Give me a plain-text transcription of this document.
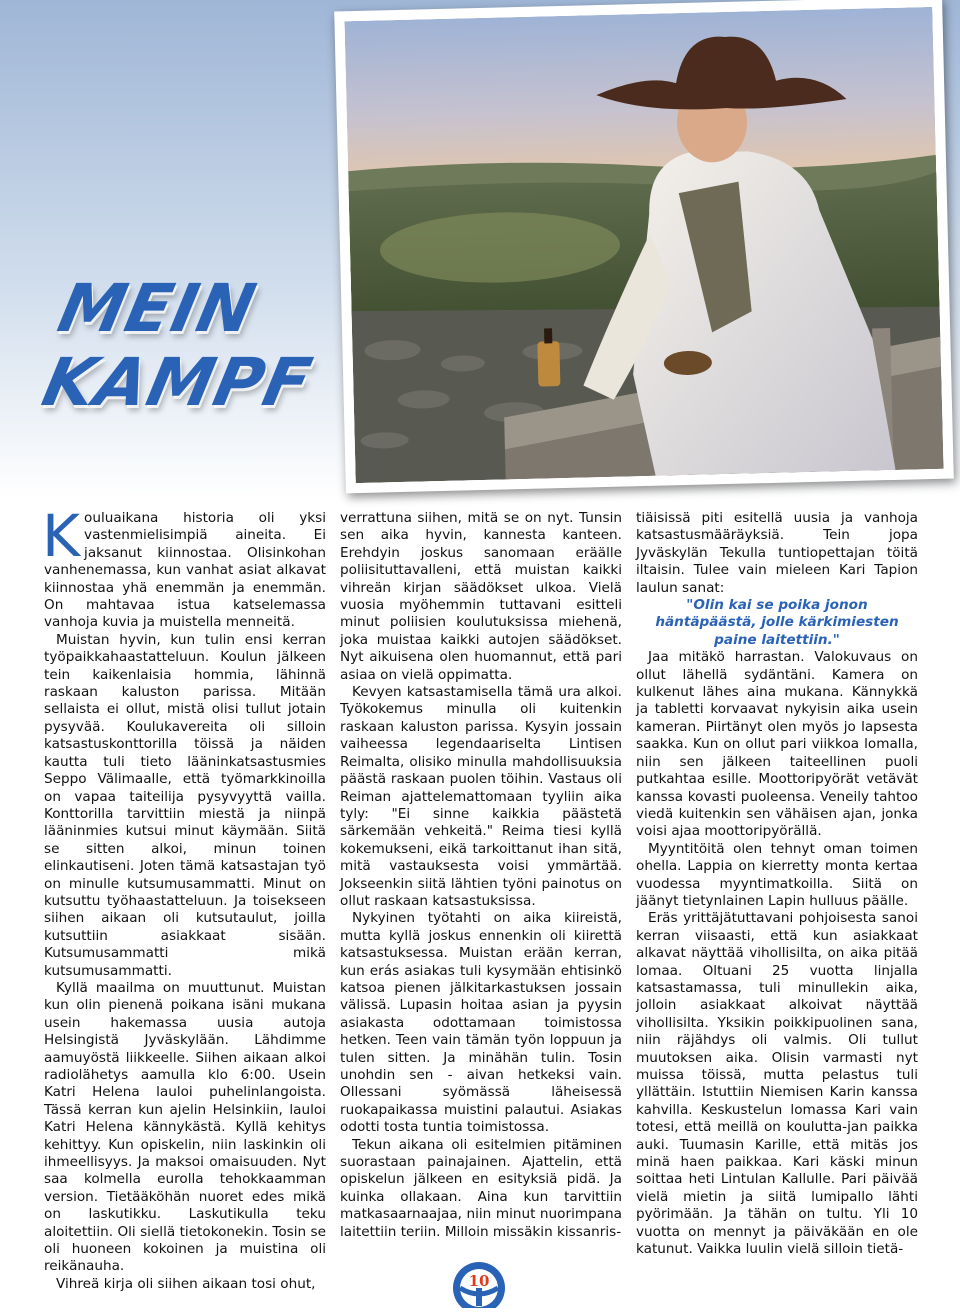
MEIN
KAMPF

Kouluaikana historia oli yksi vastenmielisimpiä aineita. Ei jaksanut kiinnostaa. Olisinkohan vanhenemassa, kun vanhat asiat alkavat kiinnostaa yhä enemmän ja enemmän. On mahtavaa istua katselemassa vanhoja kuvia ja muistella menneitä.

Muistan hyvin, kun tulin ensi kerran työpaikkahaastatteluun. Koulun jälkeen tein kaikenlaisia hommia, lähinnä raskaan kaluston parissa. Mitään sellaista ei ollut, mistä olisi tullut jotain pysyvää. Koulukavereita oli silloin katsastuskonttorilla töissä ja näiden kautta tuli tieto lääninkatsastusmies Seppo Välimaalle, että työmarkkinoilla on vapaa taiteilija pysyvyyttä vailla. Konttorilla tarvittiin miestä ja niinpä lääninmies kutsui minut käymään. Siitä se sitten alkoi, minun toinen elinkautiseni. Joten tämä katsastajan työ on minulle kutsumusammatti. Minut on kutsuttu työhaastatteluun. Ja toisekseen siihen aikaan oli kutsutaulut, joilla kutsuttiin asiakkaat sisään. Kutsumusammatti mikä kutsumusammatti.

Kyllä maailma on muuttunut. Muistan kun olin pienenä poikana isäni mukana usein hakemassa uusia autoja Helsingistä Jyväskylään. Lähdimme aamuyöstä liikkeelle. Siihen aikaan alkoi radiolähetys aamulla klo 6:00. Usein Katri Helena lauloi puhelinlangoista. Tässä kerran kun ajelin Helsinkiin, lauloi Katri Helena kännykästä. Kyllä kehitys kehittyy. Kun opiskelin, niin laskinkin oli ihmeellisyys. Ja maksoi omaisuuden. Nyt saa kolmella eurolla tehokkaamman version. Tietääköhän nuoret edes mikä on laskutikku. Laskutikulla teku aloitettiin. Oli siellä tietokonekin. Tosin se oli huoneen kokoinen ja muistina oli reikänauha.

Vihreä kirja oli siihen aikaan tosi ohut,

verrattuna siihen, mitä se on nyt. Tunsin sen aika hyvin, kannesta kanteen. Erehdyin joskus sanomaan eräälle poliisituttavalleni, että muistan kaikki vihreän kirjan säädökset ulkoa. Vielä vuosia myöhemmin tuttavani esitteli minut poliisien koulutuksissa miehenä, joka muistaa kaikki autojen säädökset. Nyt aikuisena olen huomannut, että pari asiaa on vielä oppimatta.

Kevyen katsastamisella tämä ura alkoi. Työkokemus minulla oli kuitenkin raskaan kaluston parissa. Kysyin jossain vaiheessa legendaariselta Lintisen Reimalta, olisiko minulla mahdollisuuksia päästä raskaan puolen töihin. Vastaus oli Reiman ajattelemattomaan tyyliin aika tyly: "Ei sinne kaikkia päästetä särkemään vehkeitä." Reima tiesi kyllä kokemukseni, eikä tarkoittanut ihan sitä, mitä vastauksesta voisi ymmärtää. Jokseenkin siitä lähtien työni painotus on ollut raskaan katsastuksissa.

Nykyinen työtahti on aika kiireistä, mutta kyllä joskus ennenkin oli kiirettä katsastuksessa. Muistan erään kerran, kun erás asiakas tuli kysymään ehtisinkö katsoa pienen jälkitarkastuksen jossain välissä. Lupasin hoitaa asian ja pyysin asiakasta odottamaan toimistossa hetken. Teen vain tämän työn loppuun ja tulen sitten. Ja minähän tulin. Tosin unohdin sen - aivan hetkeksi vain. Ollessani syömässä läheisessä ruokapaikassa muistini palautui. Asiakas odotti tosta tuntia toimistossa.

Tekun aikana oli esitelmien pitäminen suorastaan painajainen. Ajattelin, että opiskelun jälkeen en esityksiä pidä. Ja kuinka ollakaan. Aina kun tarvittiin matkasaarnaajaa, niin minut nuorimpana laitettiin teriin. Milloin missäkin kissanris-

tiäisissä piti esitellä uusia ja vanhoja katsastusmääräyksiä. Tein jopa Jyväskylän Tekulla tuntiopettajan töitä iltaisin. Tulee vain mieleen Kari Tapion laulun sanat:

"Olin kai se poika jonon häntäpäästä, jolle kärkimiesten paine laitettiin."

Jaa mitäkö harrastan. Valokuvaus on ollut lähellä sydäntäni. Kamera on kulkenut lähes aina mukana. Kännykkä ja tabletti korvaavat nykyisin aika usein kameran. Piirtänyt olen myös jo lapsesta saakka. Kun on ollut pari viikkoa lomalla, niin sen jälkeen taiteellinen puoli putkahtaa esille. Moottoripyörät vetävät kanssa kovasti puoleensa. Veneily tahtoo viedä kuitenkin sen vähäisen ajan, jonka voisi ajaa moottoripyörällä.

Myyntitöitä olen tehnyt oman toimen ohella. Lappia on kierretty monta kertaa vuodessa myyntimatkoilla. Siitä on jäänyt tietynlainen Lapin hulluus päälle.

Eräs yrittäjätuttavani pohjoisesta sanoi kerran viisaasti, että kun asiakkaat alkavat näyttää vihollisilta, on aika pitää lomaa. Oltuani 25 vuotta linjalla katsastamassa, tuli minullekin aika, jolloin asiakkaat alkoivat näyttää vihollisilta. Yksikin poikkipuolinen sana, niin räjähdys oli valmis. Oli tullut muutoksen aika. Olisin varmasti nyt muissa töissä, mutta pelastus tuli yllättäin. Istuttiin Niemisen Karin kanssa kahvilla. Keskustelun lomassa Kari vain totesi, että meillä on koulutta-jan paikka auki. Tuumasin Karille, että mitäs jos minä haen paikkaa. Kari käski minun soittaa heti Lintulan Kallulle. Pari päivää vielä mietin ja siitä lumipallo lähti pyörimään. Ja tähän on tultu. Yli 10 vuotta on mennyt ja päiväkään en ole katunut. Vaikka luulin vielä silloin tietä-

10
